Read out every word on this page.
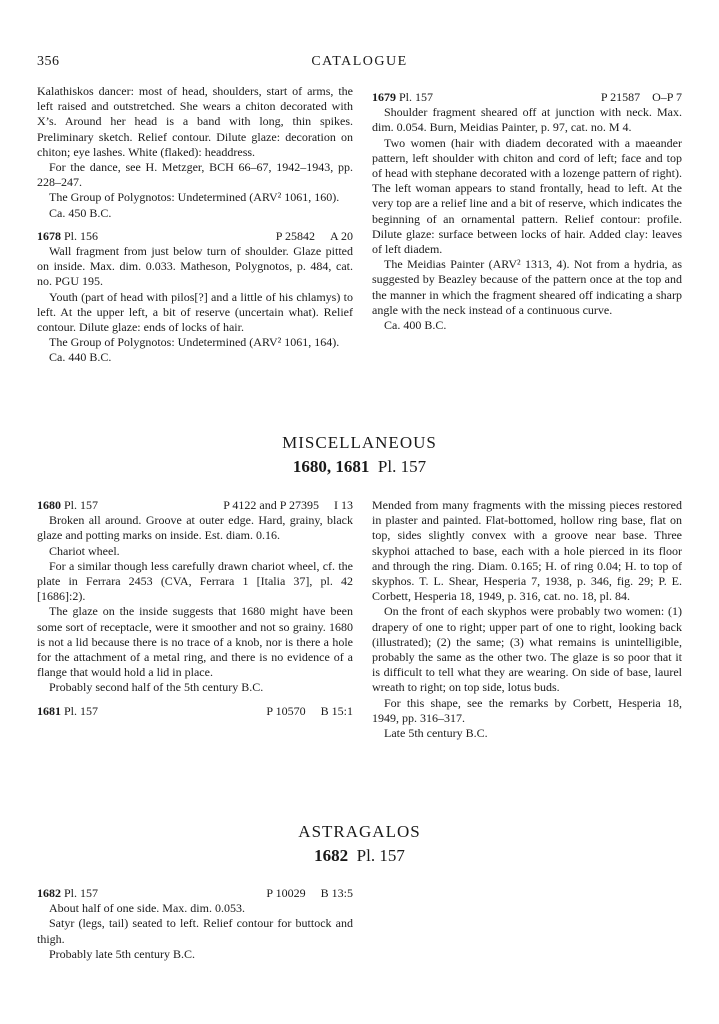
356	CATALOGUE

Kalathiskos dancer: most of head, shoulders, start of arms, the left raised and outstretched. She wears a chiton decorated with X’s. Around her head is a band with long, thin spikes. Preliminary sketch. Relief contour. Dilute glaze: decoration on chiton; eye lashes. White (flaked): headdress.

For the dance, see H. Metzger, BCH 66–67, 1942–1943, pp. 228–247.

The Group of Polygnotos: Undetermined (ARV² 1061, 160).

Ca. 450 B.C.

1678 Pl. 156	P 25842 A 20

Wall fragment from just below turn of shoulder. Glaze pitted on inside. Max. dim. 0.033. Matheson, Polygnotos, p. 484, cat. no. PGU 195.

Youth (part of head with pilos[?] and a little of his chlamys) to left. At the upper left, a bit of reserve (uncertain what). Relief contour. Dilute glaze: ends of locks of hair.

The Group of Polygnotos: Undetermined (ARV² 1061, 164).

Ca. 440 B.C.

1679 Pl. 157	P 21587 O–P 7

Shoulder fragment sheared off at junction with neck. Max. dim. 0.054. Burn, Meidias Painter, p. 97, cat. no. M 4.

Two women (hair with diadem decorated with a maeander pattern, left shoulder with chiton and cord of left; face and top of head with stephane decorated with a lozenge pattern of right). The left woman appears to stand frontally, head to left. At the very top are a relief line and a bit of reserve, which indicates the beginning of an ornamental pattern. Relief contour: profile. Dilute glaze: surface between locks of hair. Added clay: leaves of left diadem.

The Meidias Painter (ARV² 1313, 4). Not from a hydria, as suggested by Beazley because of the pattern once at the top and the manner in which the fragment sheared off indicating a sharp angle with the neck instead of a continuous curve.

Ca. 400 B.C.

MISCELLANEOUS
1680, 1681 Pl. 157
1680 Pl. 157	P 4122 and P 27395 I 13

Broken all around. Groove at outer edge. Hard, grainy, black glaze and potting marks on inside. Est. diam. 0.16.

Chariot wheel.

For a similar though less carefully drawn chariot wheel, cf. the plate in Ferrara 2453 (CVA, Ferrara 1 [Italia 37], pl. 42 [1686]:2).

The glaze on the inside suggests that 1680 might have been some sort of receptacle, were it smoother and not so grainy. 1680 is not a lid because there is no trace of a knob, nor is there a hole for the attachment of a metal ring, and there is no evidence of a flange that would hold a lid in place.

Probably second half of the 5th century B.C.

1681 Pl. 157	P 10570 B 15:1

Mended from many fragments with the missing pieces restored in plaster and painted. Flat-bottomed, hollow ring base, flat on top, sides slightly convex with a groove near base. Three skyphoi attached to base, each with a hole pierced in its floor and through the ring. Diam. 0.165; H. of ring 0.04; H. to top of skyphos. T. L. Shear, Hesperia 7, 1938, p. 346, fig. 29; P. E. Corbett, Hesperia 18, 1949, p. 316, cat. no. 18, pl. 84.

On the front of each skyphos were probably two women: (1) drapery of one to right; upper part of one to right, looking back (illustrated); (2) the same; (3) what remains is unintelligible, probably the same as the other two. The glaze is so poor that it is difficult to tell what they are wearing. On side of base, laurel wreath to right; on top side, lotus buds.

For this shape, see the remarks by Corbett, Hesperia 18, 1949, pp. 316–317.

Late 5th century B.C.

ASTRAGALOS
1682 Pl. 157
1682 Pl. 157	P 10029 B 13:5

About half of one side. Max. dim. 0.053.

Satyr (legs, tail) seated to left. Relief contour for buttock and thigh.

Probably late 5th century B.C.
